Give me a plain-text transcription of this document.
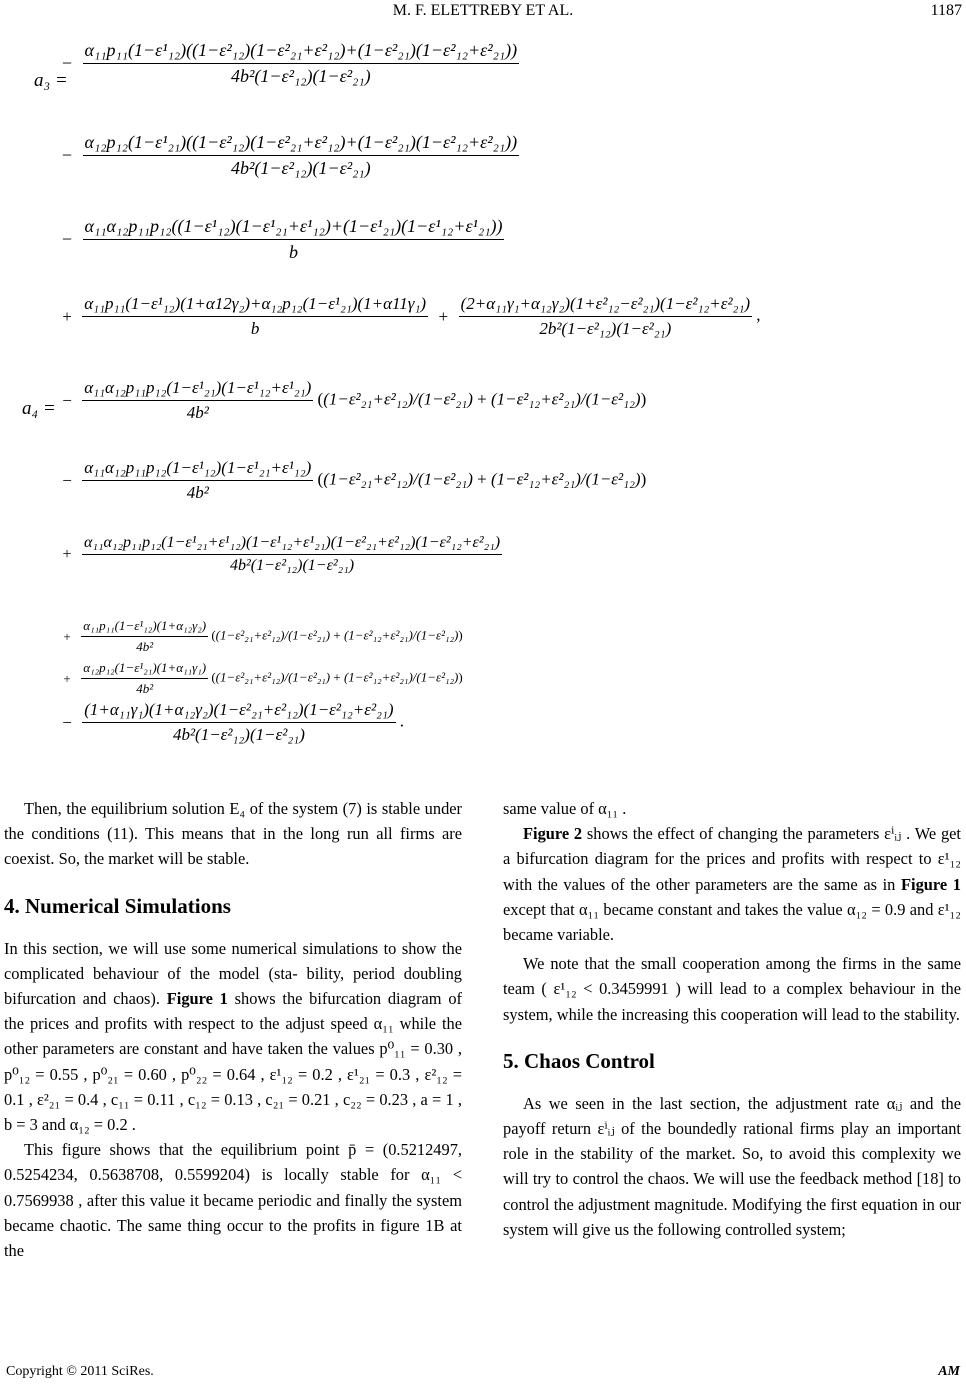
M. F. ELETTREBY ET AL.	1187
a₃ =
− $\frac{\text{α₁₁p₁₁(1−ε¹₁₂)((1−ε²₁₂)(1−ε²₂₁+ε²₁₂)+(1−ε²₂₁)(1−ε²₁₂+ε²₂₁))}}{\text{4b²(1−ε²₁₂)(1−ε²₂₁)}}$
− $\frac{\text{α₁₂p₁₂(1−ε¹₂₁)((1−ε²₁₂)(1−ε²₂₁+ε²₁₂)+(1−ε²₂₁)(1−ε²₁₂+ε²₂₁))}}{\text{4b²(1−ε²₁₂)(1−ε²₂₁)}}$
− $\frac{\text{α₁₁α₁₂p₁₁p₁₂((1−ε¹₁₂)(1−ε¹₂₁+ε¹₁₂)+(1−ε¹₂₁)(1−ε¹₁₂+ε¹₂₁))}}{b}$
+ $\frac{\text{α₁₁p₁₁(1−ε¹₁₂)(1+α12γ₂)+α₁₂p₁₂(1−ε¹₂₁)(1+α11γ₁)}}{b} + \frac{\text{(2+α₁₁γ₁+α₁₂γ₂)(1+ε²₁₂−ε²₂₁)(1−ε²₁₂+ε²₂₁)}}{\text{2b²(1−ε²₁₂)(1−ε²₂₁)}}$ ,
a₄ = − $\frac{\text{α₁₁α₁₂p₁₁p₁₂(1−ε¹₂₁)(1−ε¹₁₂+ε¹₂₁)}}{\text{4b²}} ((1-\varepsilon^2_{21}+\varepsilon^2_{12})/(1-\varepsilon^2_{21}) + (1-\varepsilon^2_{12}+\varepsilon^2_{21})/(1-\varepsilon^2_{12}))$
− $\frac{\text{α₁₁α₁₂p₁₁p₁₂(1−ε¹₁₂)(1−ε¹₂₁+ε¹₁₂)}}{\text{4b²}} ((1-\varepsilon^2_{21}+\varepsilon^2_{12})/(1-\varepsilon^2_{21}) + (1-\varepsilon^2_{12}+\varepsilon^2_{21})/(1-\varepsilon^2_{12}))$
+
α₁₁α₁₂p₁₁p₁₂(1−ε¹₂₁+ε¹₁₂)(1−ε¹₁₂+ε¹₂₁)(1−ε²₂₁+ε²₁₂)(1−ε²₁₂+ε²₂₁)
4b²(1−ε²₁₂)(1−ε²₂₁)
+ $\frac{\text{α₁₁p₁₁(1−ε¹₁₂)(1+α₁₂γ₂)}}{\text{4b²}} ((1-\varepsilon^2_{21}+\varepsilon^2_{12})/(1-\varepsilon^2_{21}) + (1-\varepsilon^2_{12}+\varepsilon^2_{21})/(1-\varepsilon^2_{12}))$
+ $\frac{\text{α₁₂p₁₂(1−ε¹₂₁)(1+α₁₁γ₁)}}{\text{4b²}} ((1-\varepsilon^2_{21}+\varepsilon^2_{12})/(1-\varepsilon^2_{21}) + (1-\varepsilon^2_{12}+\varepsilon^2_{21})/(1-\varepsilon^2_{12}))$
− $\frac{\text{(1+α₁₁γ₁)(1+α₁₂γ₂)(1−ε²₂₁+ε²₁₂)(1−ε²₁₂+ε²₂₁)}}{\text{4b²(1−ε²₁₂)(1−ε²₂₁)}}$ .

Then, the equilibrium solution E₄ of the system (7) is stable under the conditions (11). This means that in the long run all firms are coexist. So, the market will be stable.

4. Numerical Simulations

In this section, we will use some numerical simulations to show the complicated behaviour of the model (sta- bility, period doubling bifurcation and chaos). Figure 1 shows the bifurcation diagram of the prices and profits with respect to the adjust speed α₁₁ while the other parameters are constant and have taken the values p⁰₁₁ = 0.30 , p⁰₁₂ = 0.55 , p⁰₂₁ = 0.60 , p⁰₂₂ = 0.64 , ε¹₁₂ = 0.2 , ε¹₂₁ = 0.3 , ε²₁₂ = 0.1 , ε²₂₁ = 0.4 , c₁₁ = 0.11 , c₁₂ = 0.13 , c₂₁ = 0.21 , c₂₂ = 0.23 , a = 1 , b = 3 and α₁₂ = 0.2 .

This figure shows that the equilibrium point p̄ = (0.5212497, 0.5254234, 0.5638708, 0.5599204) is locally stable for α₁₁ < 0.7569938 , after this value it became periodic and finally the system became chaotic. The same thing occur to the profits in figure 1B at the

same value of α₁₁ .

Figure 2 shows the effect of changing the parameters εⁱᵢⱼ . We get a bifurcation diagram for the prices and profits with respect to ε¹₁₂ with the values of the other parameters are the same as in Figure 1 except that α₁₁ became constant and takes the value α₁₂ = 0.9 and ε¹₁₂ became variable.

We note that the small cooperation among the firms in the same team ( ε¹₁₂ < 0.3459991 ) will lead to a complex behaviour in the system, while the increasing this cooperation will lead to the stability.

5. Chaos Control

As we seen in the last section, the adjustment rate αᵢⱼ and the payoff return εⁱᵢⱼ of the boundedly rational firms play an important role in the stability of the market. So, to avoid this complexity we will try to control the chaos. We will use the feedback method [18] to control the adjustment magnitude. Modifying the first equation in our system will give us the following controlled system;

Copyright © 2011 SciRes.	AM
